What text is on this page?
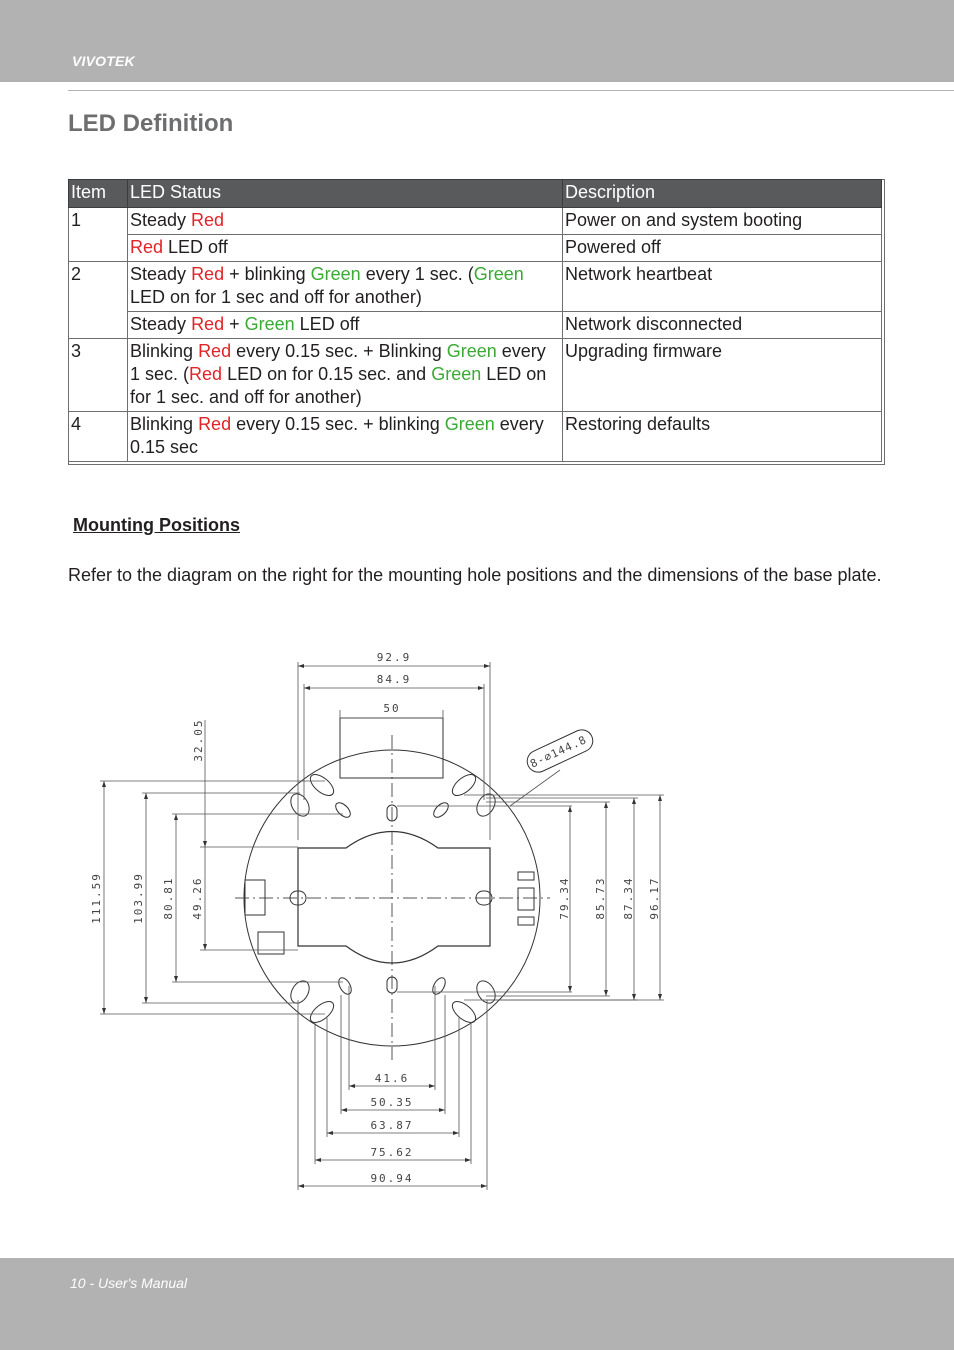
VIVOTEK
LED Definition
Item	LED Status	Description
1	Steady Red	Power on and system booting
	Red LED off	Powered off
2	Steady Red + blinking Green every 1 sec. (Green LED on for 1 sec and off for another)	Network heartbeat
	Steady Red + Green LED off	Network disconnected
3	Blinking Red every 0.15 sec. + Blinking Green every 1 sec. (Red LED on for 0.15 sec. and Green LED on for 1 sec. and off for another)	Upgrading firmware
4	Blinking Red every 0.15 sec. + blinking Green every 0.15 sec	Restoring defaults
Mounting Positions
Refer to the diagram on the right for the mounting hole positions and the dimensions of the base plate.
92.9
84.9
50
111.59	103.99 80.81 49.26
32.05
79.34 85.73 87.34 96.17
41.6
50.35
63.87
75.62
90.94
8-∅144.8
10 - User's Manual
